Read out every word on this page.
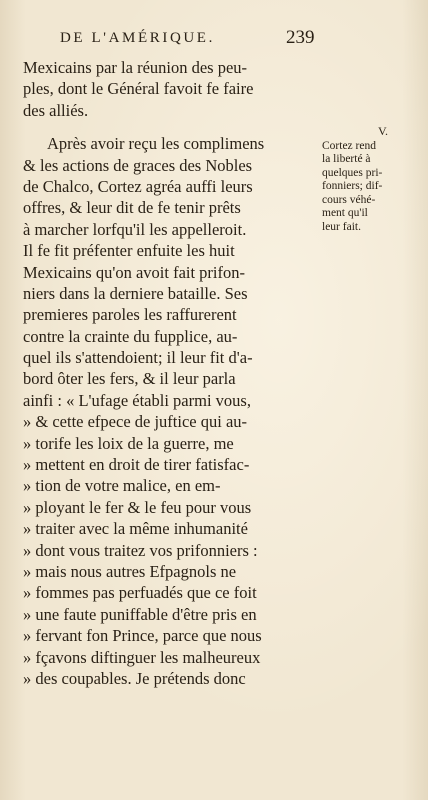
DE L'AMÉRIQUE.	239
Mexicains par la réunion des peu-
ples, dont le Général favoit fe faire
des alliés.
Après avoir reçu les complimens
& les actions de graces des Nobles
de Chalco, Cortez agréa auffi leurs
offres, & leur dit de fe tenir prêts
à marcher lorfqu'il les appelleroit.
Il fe fit préfenter enfuite les huit
Mexicains qu'on avoit fait prifon-
niers dans la derniere bataille. Ses
premieres paroles les raffurerent
contre la crainte du fupplice, au-
quel ils s'attendoient; il leur fit d'a-
bord ôter les fers, & il leur parla
ainfi : « L'ufage établi parmi vous,
» & cette efpece de juftice qui au-
» torife les loix de la guerre, me
» mettent en droit de tirer fatisfac-
» tion de votre malice, en em-
» ployant le fer & le feu pour vous
» traiter avec la même inhumanité
» dont vous traitez vos prifonniers :
» mais nous autres Efpagnols ne
» fommes pas perfuadés que ce foit
» une faute puniffable d'être pris en
» fervant fon Prince, parce que nous
» fçavons diftinguer les malheureux
» des coupables. Je prétends donc
V.
Cortez rend
la liberté à
quelques pri-
fonniers; dif-
cours véhé-
ment qu'il
leur fait.
